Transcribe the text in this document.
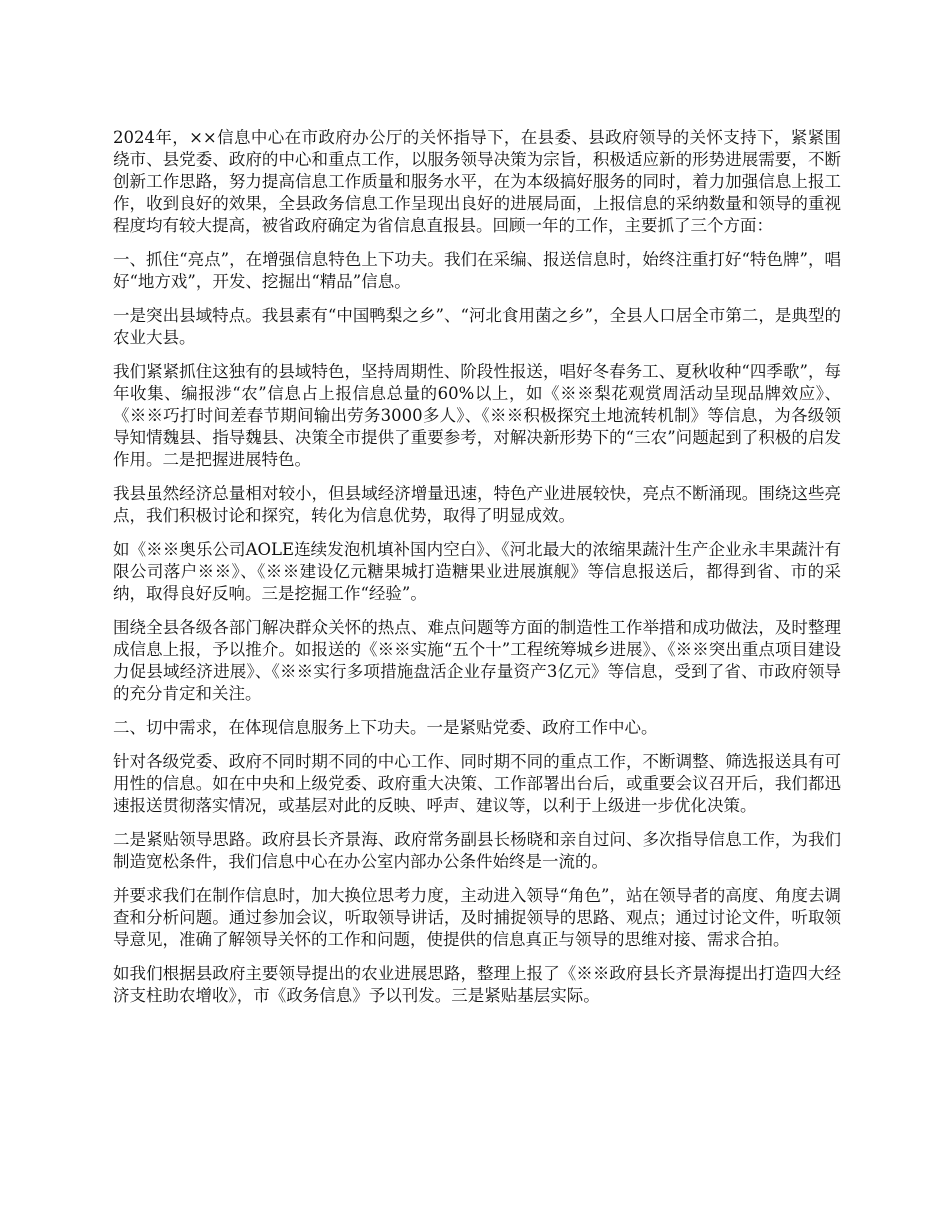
2024年，××信息中心在市政府办公厅的关怀指导下，在县委、县政府领导的关怀支持下，紧紧围绕市、县党委、政府的中心和重点工作，以服务领导决策为宗旨，积极适应新的形势进展需要，不断创新工作思路，努力提高信息工作质量和服务水平，在为本级搞好服务的同时，着力加强信息上报工作，收到良好的效果，全县政务信息工作呈现出良好的进展局面，上报信息的采纳数量和领导的重视程度均有较大提高，被省政府确定为省信息直报县。回顾一年的工作，主要抓了三个方面：

一、抓住“亮点”，在增强信息特色上下功夫。我们在采编、报送信息时，始终注重打好“特色牌”，唱好“地方戏”，开发、挖掘出“精品”信息。

一是突出县域特点。我县素有“中国鸭梨之乡”、“河北食用菌之乡”，全县人口居全市第二，是典型的农业大县。

我们紧紧抓住这独有的县域特色，坚持周期性、阶段性报送，唱好冬春务工、夏秋收种“四季歌”，每年收集、编报涉“农”信息占上报信息总量的60%以上，如《※※梨花观赏周活动呈现品牌效应》、《※※巧打时间差春节期间输出劳务3000多人》、《※※积极探究土地流转机制》等信息，为各级领导知情魏县、指导魏县、决策全市提供了重要参考，对解决新形势下的“三农”问题起到了积极的启发作用。二是把握进展特色。

我县虽然经济总量相对较小，但县域经济增量迅速，特色产业进展较快，亮点不断涌现。围绕这些亮点，我们积极讨论和探究，转化为信息优势，取得了明显成效。

如《※※奥乐公司AOLE连续发泡机填补国内空白》、《河北最大的浓缩果蔬汁生产企业永丰果蔬汁有限公司落户※※》、《※※建设亿元糖果城打造糖果业进展旗舰》等信息报送后，都得到省、市的采纳，取得良好反响。三是挖掘工作“经验”。

围绕全县各级各部门解决群众关怀的热点、难点问题等方面的制造性工作举措和成功做法，及时整理成信息上报，予以推介。如报送的《※※实施“五个十”工程统筹城乡进展》、《※※突出重点项目建设力促县域经济进展》、《※※实行多项措施盘活企业存量资产3亿元》等信息，受到了省、市政府领导的充分肯定和关注。

二、切中需求，在体现信息服务上下功夫。一是紧贴党委、政府工作中心。

针对各级党委、政府不同时期不同的中心工作、同时期不同的重点工作，不断调整、筛选报送具有可用性的信息。如在中央和上级党委、政府重大决策、工作部署出台后，或重要会议召开后，我们都迅速报送贯彻落实情况，或基层对此的反映、呼声、建议等，以利于上级进一步优化决策。

二是紧贴领导思路。政府县长齐景海、政府常务副县长杨晓和亲自过问、多次指导信息工作，为我们制造宽松条件，我们信息中心在办公室内部办公条件始终是一流的。

并要求我们在制作信息时，加大换位思考力度，主动进入领导“角色”，站在领导者的高度、角度去调查和分析问题。通过参加会议，听取领导讲话，及时捕捉领导的思路、观点；通过讨论文件，听取领导意见，准确了解领导关怀的工作和问题，使提供的信息真正与领导的思维对接、需求合拍。

如我们根据县政府主要领导提出的农业进展思路，整理上报了《※※政府县长齐景海提出打造四大经济支柱助农增收》，市《政务信息》予以刊发。三是紧贴基层实际。
